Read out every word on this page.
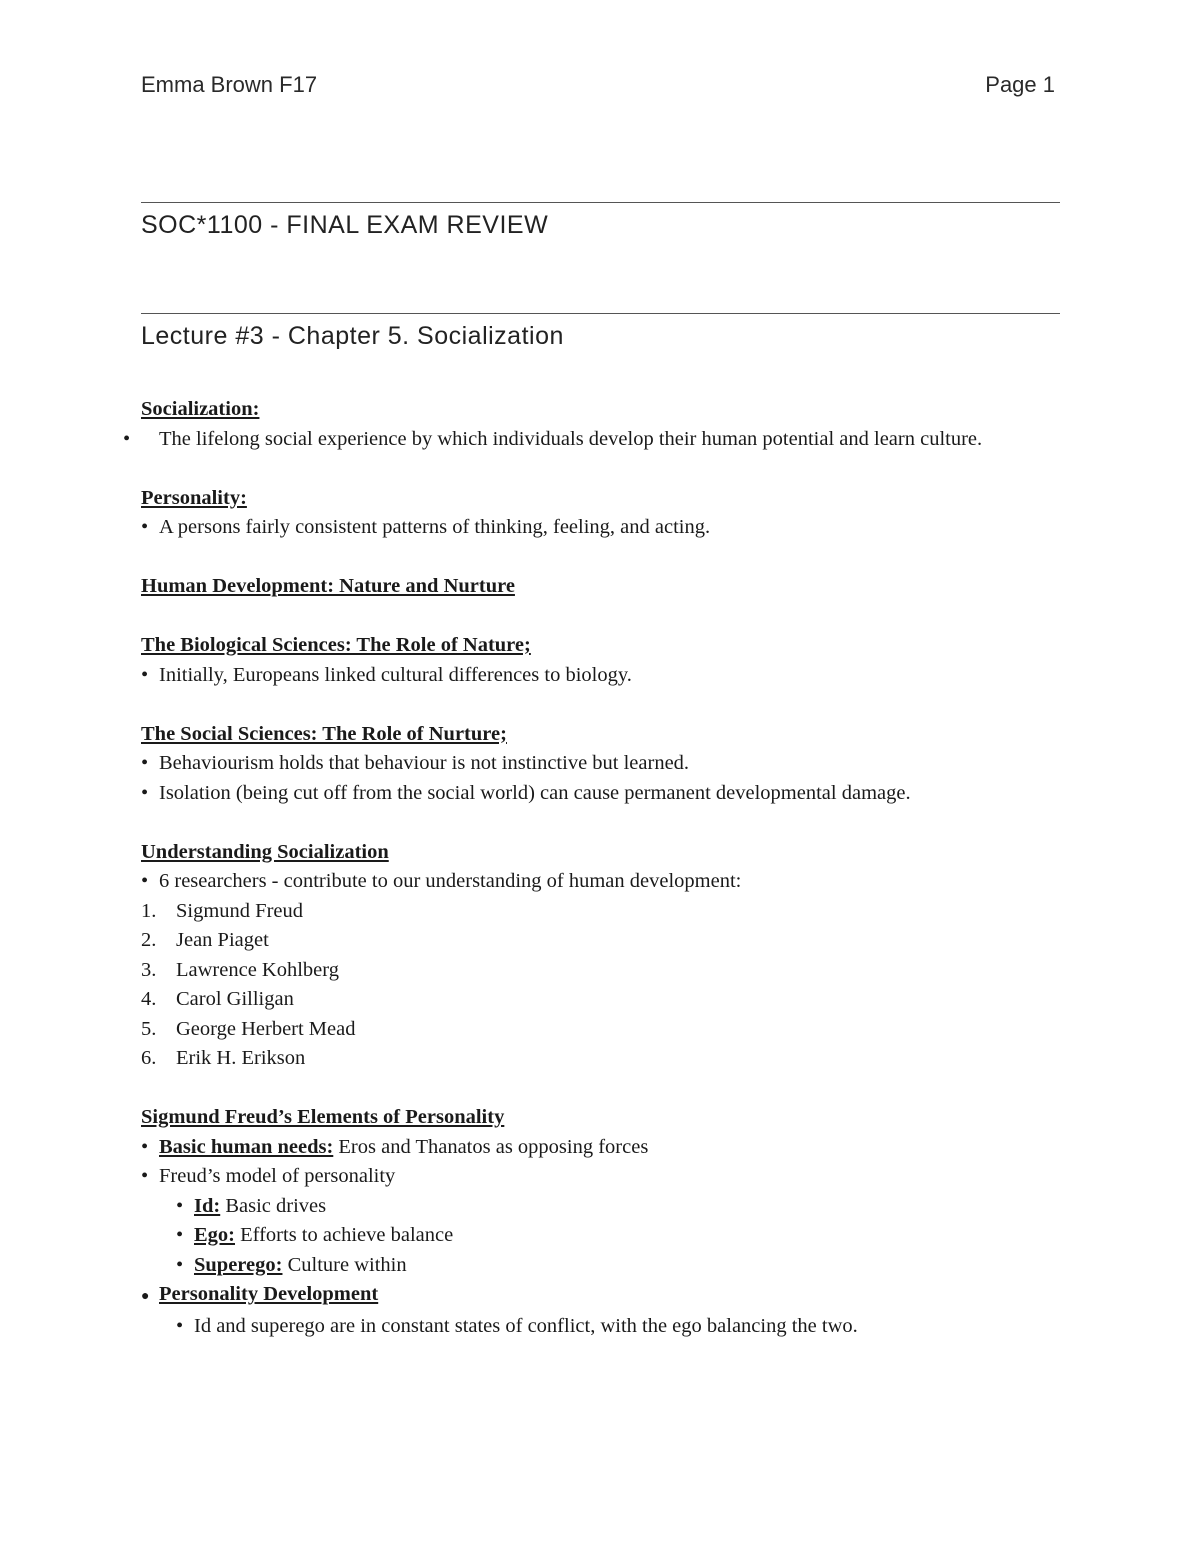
Emma Brown F17	Page 1
SOC*1100 - FINAL EXAM REVIEW
Lecture #3 - Chapter 5. Socialization

Socialization:

• The lifelong social experience by which individuals develop their human potential and learn culture.

Personality:

• A persons fairly consistent patterns of thinking, feeling, and acting.

Human Development: Nature and Nurture

The Biological Sciences: The Role of Nature;

• Initially, Europeans linked cultural differences to biology.

The Social Sciences: The Role of Nurture;

• Behaviourism holds that behaviour is not instinctive but learned.

• Isolation (being cut off from the social world) can cause permanent developmental damage.

Understanding Socialization

• 6 researchers - contribute to our understanding of human development:

1. Sigmund Freud

2. Jean Piaget

3. Lawrence Kohlberg

4. Carol Gilligan

5. George Herbert Mead

6. Erik H. Erikson

Sigmund Freud’s Elements of Personality

• Basic human needs: Eros and Thanatos as opposing forces

• Freud’s model of personality

• Id: Basic drives

• Ego: Efforts to achieve balance

• Superego: Culture within

● Personality Development

• Id and superego are in constant states of conflict, with the ego balancing the two.
